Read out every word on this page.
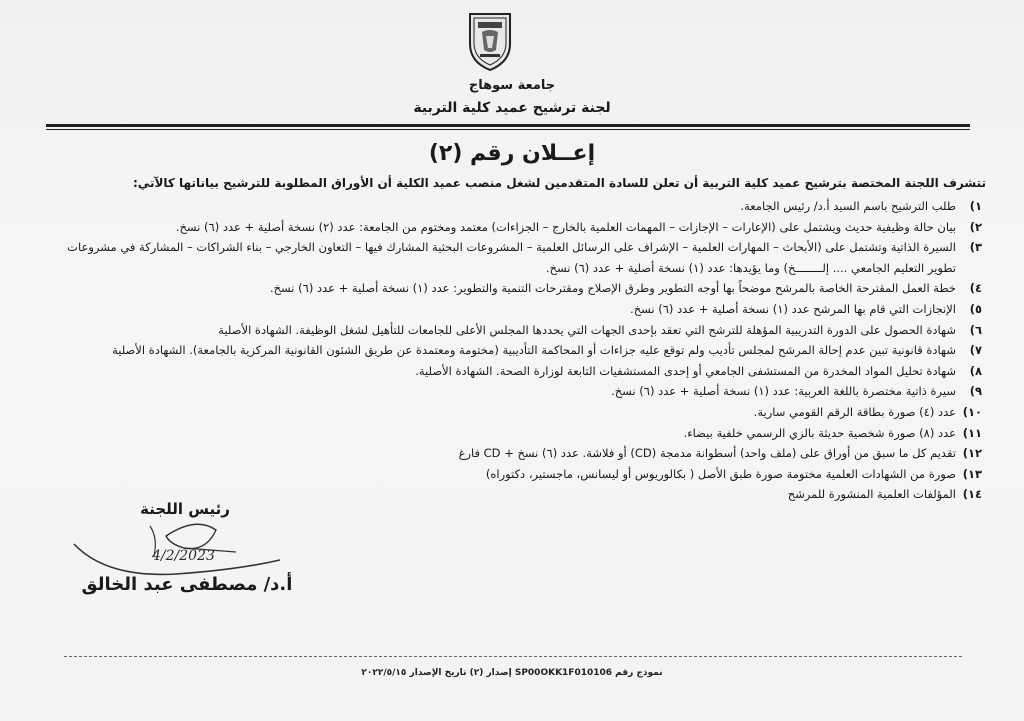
جامعة سوهاج
لجنة ترشيح عميد كلية التربية
إعــلان رقم (٢)
تتشرف اللجنة المختصة بترشيح عميد كلية التربية أن تعلن للسادة المتقدمين لشغل منصب عميد الكلية أن الأوراق المطلوبة للترشيح بياناتها كالآتي:
١)
طلب الترشيح باسم السيد أ.د/ رئيس الجامعة.
٢)
بيان حالة وظيفية حديث ويشتمل على (الإعارات – الإجازات – المهمات العلمية بالخارج – الجزاءات) معتمد ومختوم من الجامعة: عدد (٢) نسخة أصلية + عدد (٦) نسخ.
٣)
السيرة الذاتية وتشتمل على (الأبحاث – المهارات العلمية – الإشراف على الرسائل العلمية – المشروعات البحثية المشارك فيها – التعاون الخارجي – بناء الشراكات – المشاركة في مشروعات تطوير التعليم الجامعي .... إلــــــــخ) وما يؤيدها: عدد (١) نسخة أصلية + عدد (٦) نسخ.
٤)
خطة العمل المقترحة الخاصة بالمرشح موضحاً بها أوجه التطوير وطرق الإصلاح ومقترحات التنمية والتطوير: عدد (١) نسخة أصلية + عدد (٦) نسخ.
٥)
الإنجازات التي قام بها المرشح عدد (١) نسخة أصلية + عدد (٦) نسخ.
٦)
شهادة الحصول على الدورة التدريبية المؤهلة للترشح التي تعقد بإحدى الجهات التي يحددها المجلس الأعلى للجامعات للتأهيل لشغل الوظيفة. الشهادة الأصلية
٧)
شهادة قانونية تبين عدم إحالة المرشح لمجلس تأديب ولم توقع عليه جزاءات أو المحاكمة التأديبية (مختومة ومعتمدة عن طريق الشئون القانونية المركزية بالجامعة). الشهادة الأصلية
٨)
شهادة تحليل المواد المخدرة من المستشفى الجامعي أو إحدى المستشفيات التابعة لوزارة الصحة. الشهادة الأصلية.
٩)
سيرة ذاتية مختصرة باللغة العربية: عدد (١) نسخة أصلية + عدد (٦) نسخ.
١٠)
عدد (٤) صورة بطاقة الرقم القومي سارية.
١١)
عدد (٨) صورة شخصية حديثة بالزي الرسمي خلفية بيضاء.
١٢)
تقديم كل ما سبق من أوراق على (ملف واحد) أسطوانة مدمجة (CD) أو فلاشة. عدد (٦) نسخ + CD فارغ
١٣)
صورة من الشهادات العلمية مختومة صورة طبق الأصل ( بكالوريوس أو ليسانس، ماجستير، دكتوراه)
١٤)
المؤلفات العلمية المنشورة للمرشح
رئيس اللجنة
4/2/2023
أ.د/ مصطفى عبد الخالق
نموذج رقم SP00OKK1F010106 إصدار (٢) تاريخ الإصدار ٢٠٢٢/٥/١٥
